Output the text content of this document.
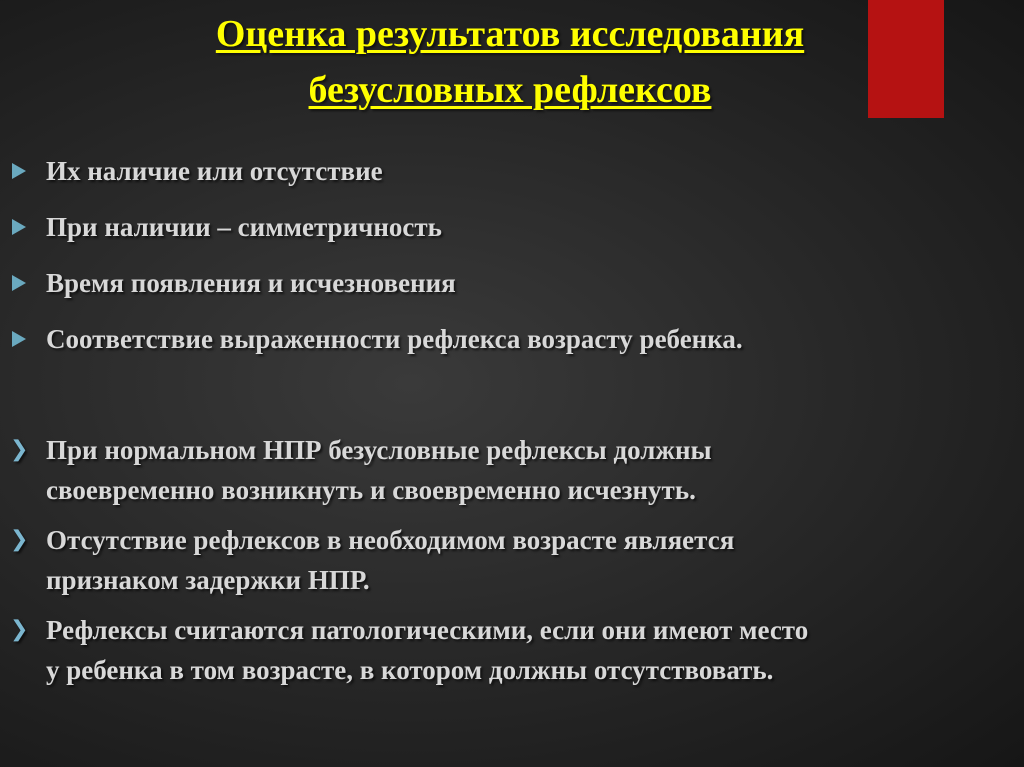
Оценка результатов исследования
безусловных рефлексов
Их наличие или отсутствие
При наличии – симметричность
Время появления и исчезновения
Соответствие выраженности рефлекса возрасту ребенка.
❯ При нормальном НПР безусловные рефлексы должны
своевременно возникнуть и своевременно исчезнуть.
❯ Отсутствие рефлексов в необходимом возрасте является
признаком задержки НПР.
❯ Рефлексы считаются патологическими, если они имеют место
у ребенка в том возрасте, в котором должны отсутствовать.
